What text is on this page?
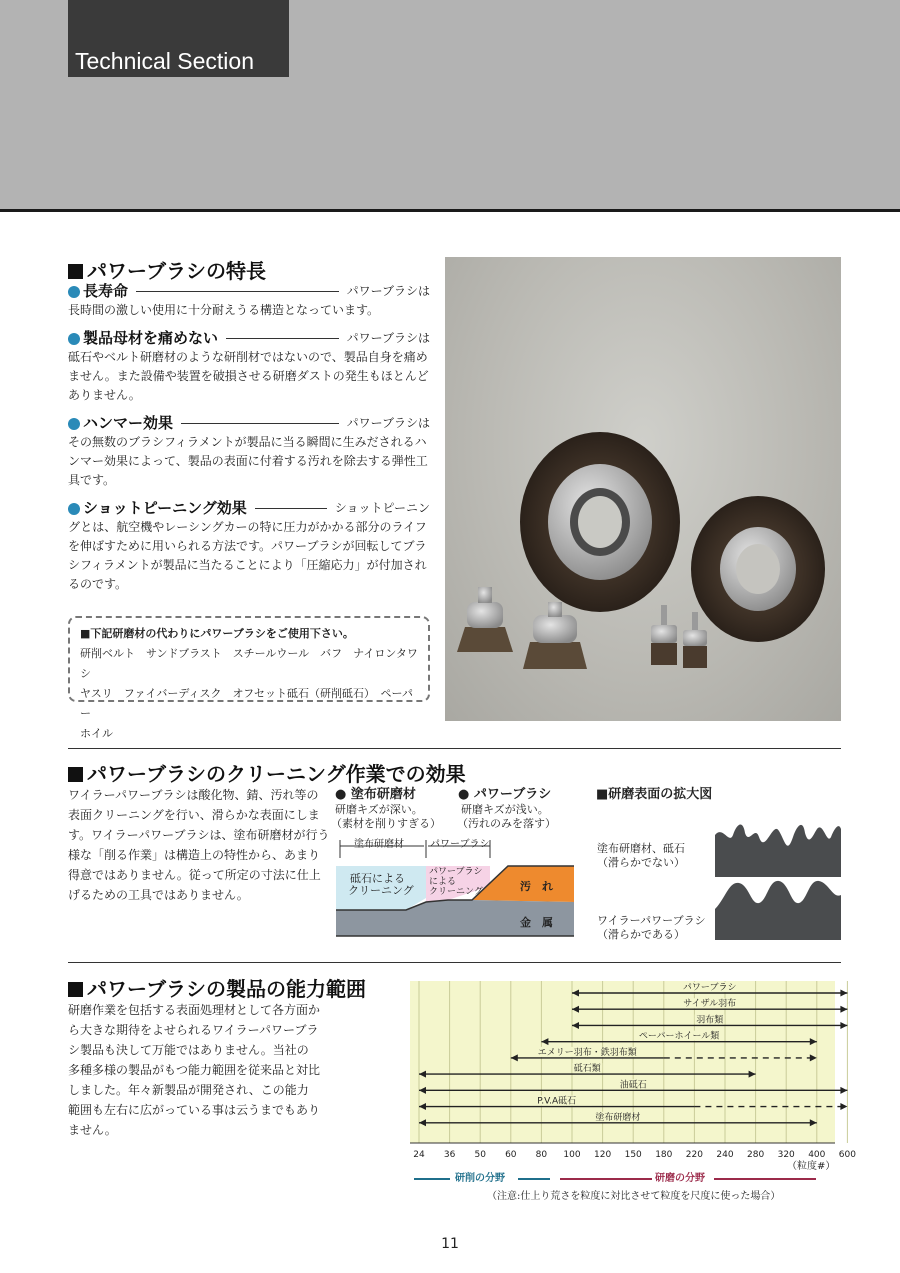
Technical Section
パワーブラシの特長
長寿命	パワーブラシは
長時間の激しい使用に十分耐えうる構造となっています。
製品母材を痛めない	パワーブラシは
砥石やベルト研磨材のような研削材ではないので、製品自身を痛めません。また設備や装置を破損させる研磨ダストの発生もほとんどありません。
ハンマー効果	パワーブラシは
その無数のブラシフィラメントが製品に当る瞬間に生みだされるハンマー効果によって、製品の表面に付着する汚れを除去する弾性工具です。
ショットピーニング効果	ショットピーニン
グとは、航空機やレーシングカーの特に圧力がかかる部分のライフを伸ばすために用いられる方法です。パワーブラシが回転してブラシフィラメントが製品に当たることにより「圧縮応力」が付加されるのです。
■下記研磨材の代わりにパワーブラシをご使用下さい。
研削ベルト　サンドブラスト　スチールウール　バフ　ナイロンタワシ
ヤスリ　ファイバーディスク　オフセット砥石（研削砥石）　ペーパー
ホイル
パワーブラシのクリーニング作業での効果
ワイラーパワーブラシは酸化物、錆、汚れ等の表面クリーニングを行い、滑らかな表面にします。ワイラーパワーブラシは、塗布研磨材が行う様な「削る作業」は構造上の特性から、あまり得意ではありません。従って所定の寸法に仕上げるための工具ではありません。
● 塗布研磨材
研磨キズが深い。
（素材を削りすぎる）
● パワーブラシ
研磨キズが浅い。
（汚れのみを落す）
塗布研磨材	パワーブラシ
砥石による
クリーニング
パワーブラシ
による
クリーニング	汚　れ
金　属
■研磨表面の拡大図
塗布研磨材、砥石
（滑らかでない）
ワイラーパワーブラシ
（滑らかである）
パワーブラシの製品の能力範囲
研磨作業を包括する表面処理材として各方面から大きな期待をよせられるワイラーパワーブラシ製品も決して万能ではありません。当社の多種多様の製品がもつ能力範囲を従来品と対比しました。年々新製品が開発され、この能力範囲も左右に広がっている事は云うまでもありません。
24 36 50 60 80 100 120 150 180 220 240 280 320 400 600
パワーブラシ
サイザル羽布
羽布類
ペーパーホイール類
エメリー羽布・鉄羽布類
砥石類
油砥石
P.V.A砥石
塗布研磨材
（粒度#）
研削の分野	研磨の分野
（注意:仕上り荒さを粒度に対比させて粒度を尺度に使った場合）
11
